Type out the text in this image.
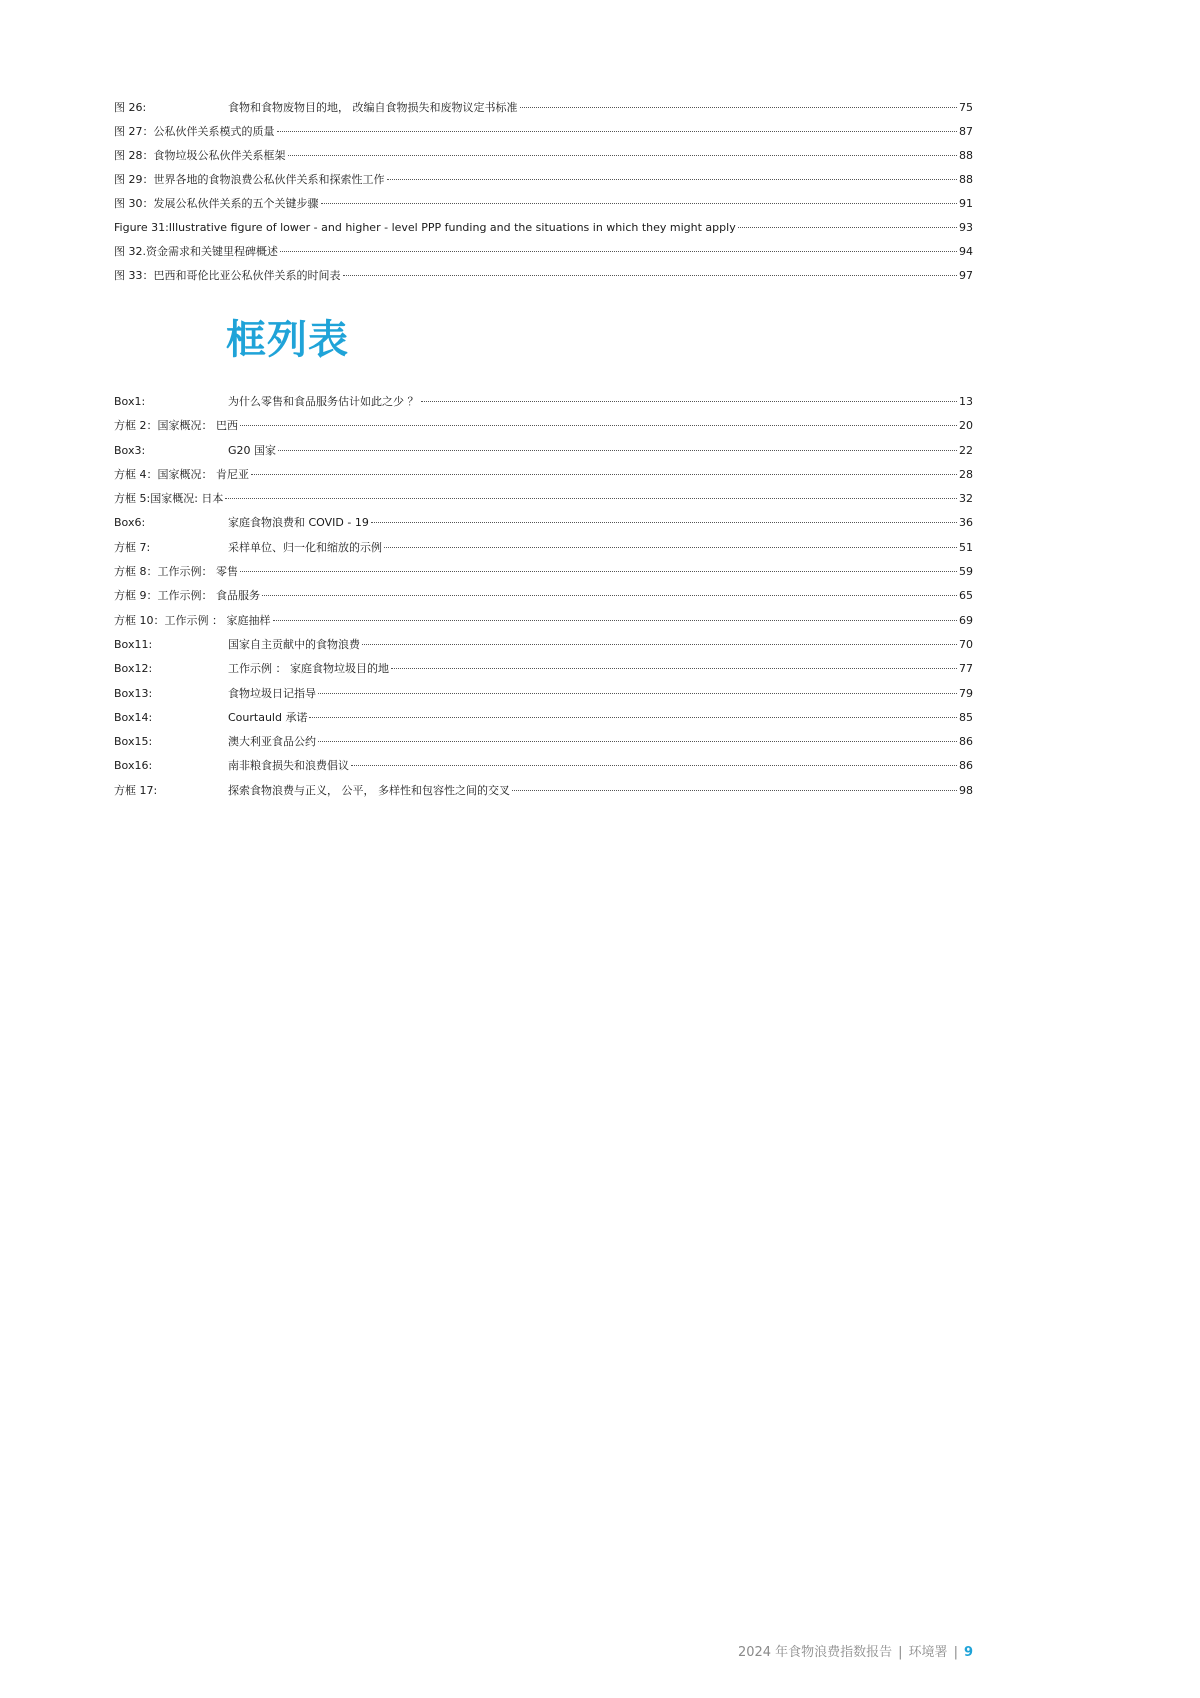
图 26:	食物和食物废物目的地， 改编自食物损失和废物议定书标准	75
图 27： 公私伙伴关系模式的质量	87
图 28： 食物垃圾公私伙伴关系框架	88
图 29： 世界各地的食物浪费公私伙伴关系和探索性工作	88
图 30： 发展公私伙伴关系的五个关键步骤	91
Figure 31: Illustrative figure of lower - and higher - level PPP funding and the situations in which they might apply	93
图 32. 资金需求和关键里程碑概述	94
图 33： 巴西和哥伦比亚公私伙伴关系的时间表	97
框列表
Box1:	为什么零售和食品服务估计如此之少 ？	13
方框 2： 国家概况： 巴西	20
Box3:	G20 国家	22
方框 4： 国家概况： 肯尼亚	28
方框 5: 国家概况: 日本	32
Box6:	家庭食物浪费和 COVID - 19	36
方框 7:	采样单位、归一化和缩放的示例	51
方框 8： 工作示例： 零售	59
方框 9： 工作示例： 食品服务	65
方框 10： 工作示例 ： 家庭抽样	69
Box11:	国家自主贡献中的食物浪费	70
Box12:	工作示例 ： 家庭食物垃圾目的地	77
Box13:	食物垃圾日记指导	79
Box14:	Courtauld 承诺	85
Box15:	澳大利亚食品公约	86
Box16:	南非粮食损失和浪费倡议	86
方框 17:	探索食物浪费与正义， 公平， 多样性和包容性之间的交叉	98
2024 年食物浪费指数报告 | 环境署 | 9
